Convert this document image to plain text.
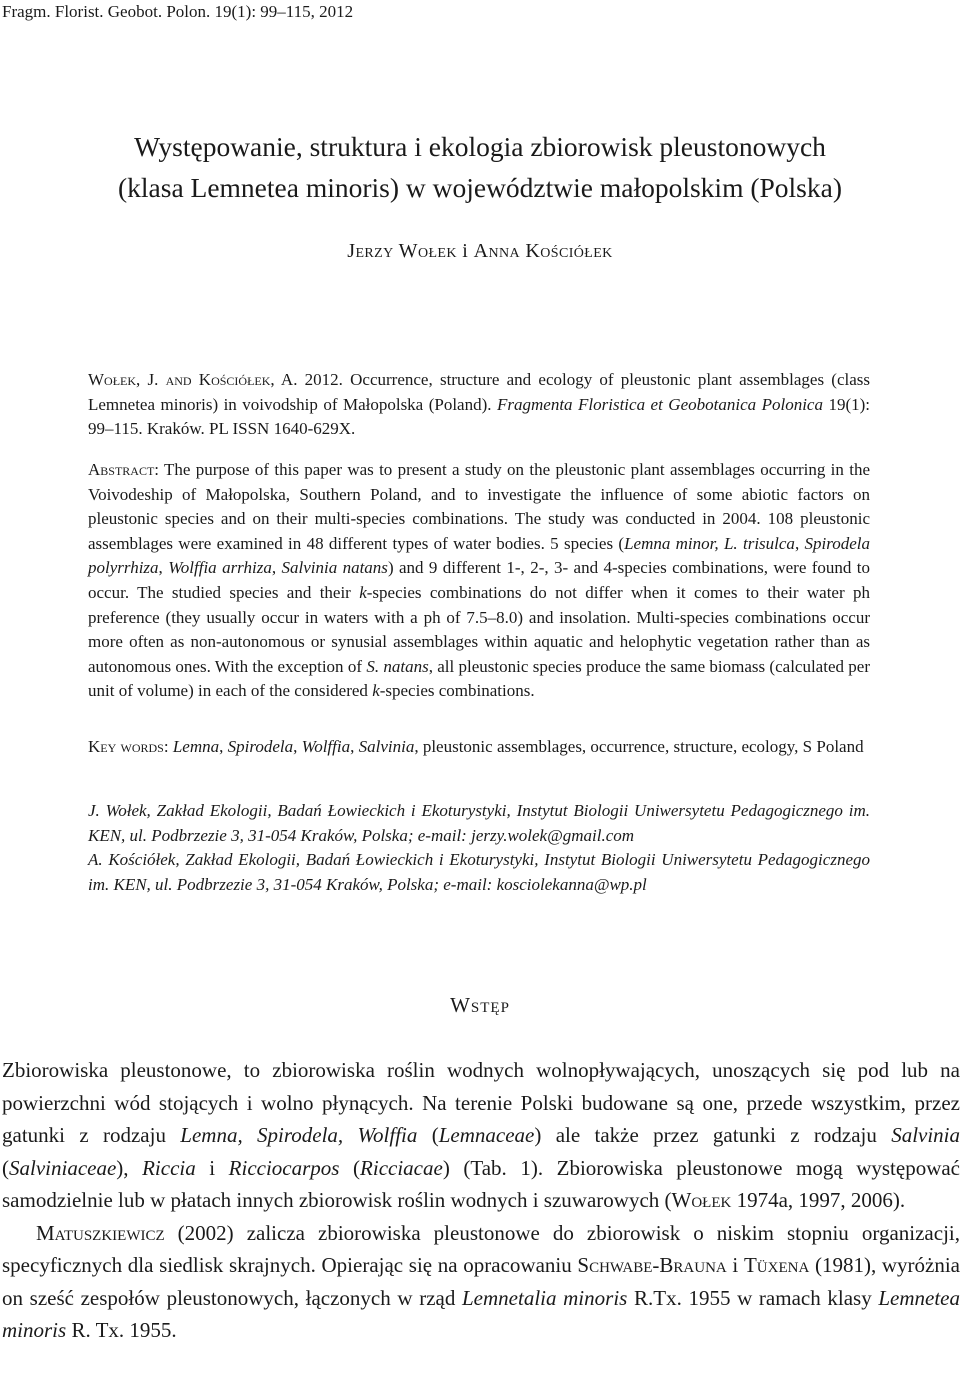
Fragm. Florist. Geobot. Polon. 19(1): 99–115, 2012
Występowanie, struktura i ekologia zbiorowisk pleustonowych
(klasa Lemnetea minoris) w województwie małopolskim (Polska)
Jerzy Wołek i Anna Kościółek
Wołek, J. and Kościółek, A. 2012. Occurrence, structure and ecology of pleustonic plant assemblages (class Lemnetea minoris) in voivodship of Małopolska (Poland). Fragmenta Floristica et Geobotanica Polonica 19(1): 99–115. Kraków. PL ISSN 1640-629X.
Abstract: The purpose of this paper was to present a study on the pleustonic plant assemblages occurring in the Voivodeship of Małopolska, Southern Poland, and to investigate the influence of some abiotic factors on pleustonic species and on their multi-species combinations. The study was conducted in 2004. 108 pleustonic assemblages were examined in 48 different types of water bodies. 5 species (Lemna minor, L. trisulca, Spirodela polyrrhiza, Wolffia arrhiza, Salvinia natans) and 9 different 1-, 2-, 3- and 4-species combinations, were found to occur. The studied species and their k-species combinations do not differ when it comes to their water ph preference (they usually occur in waters with a ph of 7.5–8.0) and insolation. Multi-species combinations occur more often as non-autonomous or synusial assemblages within aquatic and helophytic vegetation rather than as autonomous ones. With the exception of S. natans, all pleustonic species produce the same biomass (calculated per unit of volume) in each of the considered k-species combinations.
Key words: Lemna, Spirodela, Wolffia, Salvinia, pleustonic assemblages, occurrence, structure, ecology, S Poland

J. Wołek, Zakład Ekologii, Badań Łowieckich i Ekoturystyki, Instytut Biologii Uniwersytetu Pedagogicznego im. KEN, ul. Podbrzezie 3, 31-054 Kraków, Polska; e-mail: jerzy.wolek@gmail.com

A. Kościółek, Zakład Ekologii, Badań Łowieckich i Ekoturystyki, Instytut Biologii Uniwersytetu Pedagogicznego im. KEN, ul. Podbrzezie 3, 31-054 Kraków, Polska; e-mail: kosciolekanna@wp.pl

Wstęp

Zbiorowiska pleustonowe, to zbiorowiska roślin wodnych wolnopływających, unoszących się pod lub na powierzchni wód stojących i wolno płynących. Na terenie Polski budowane są one, przede wszystkim, przez gatunki z rodzaju Lemna, Spirodela, Wolffia (Lemnaceae) ale także przez gatunki z rodzaju Salvinia (Salviniaceae), Riccia i Ricciocarpos (Ricciacae) (Tab. 1). Zbiorowiska pleustonowe mogą występować samodzielnie lub w płatach innych zbiorowisk roślin wodnych i szuwarowych (Wołek 1974a, 1997, 2006).

Matuszkiewicz (2002) zalicza zbiorowiska pleustonowe do zbiorowisk o niskim stopniu organizacji, specyficznych dla siedlisk skrajnych. Opierając się na opracowaniu Schwabe-Brauna i Tüxena (1981), wyróżnia on sześć zespołów pleustonowych, łączonych w rząd Lemnetalia minoris R.Tx. 1955 w ramach klasy Lemnetea minoris R. Tx. 1955.
